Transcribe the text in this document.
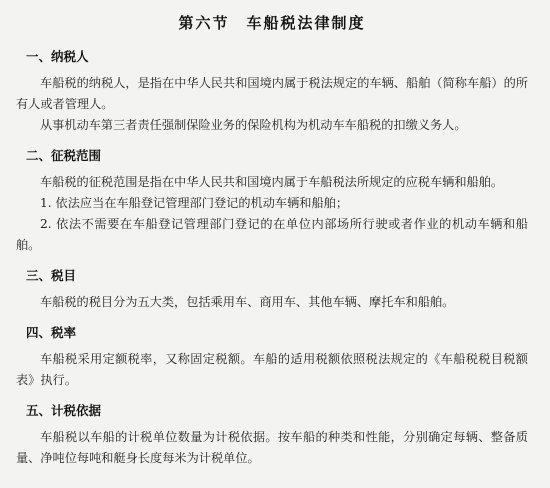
第六节　车船税法律制度
一、纳税人

车船税的纳税人，是指在中华人民共和国境内属于税法规定的车辆、船舶（简称车船）的所有人或者管理人。

从事机动车第三者责任强制保险业务的保险机构为机动车车船税的扣缴义务人。

二、征税范围

车船税的征税范围是指在中华人民共和国境内属于车船税法所规定的应税车辆和船舶。

1. 依法应当在车船登记管理部门登记的机动车辆和船舶；

2. 依法不需要在车船登记管理部门登记的在单位内部场所行驶或者作业的机动车辆和船舶。

三、税目

车船税的税目分为五大类，包括乘用车、商用车、其他车辆、摩托车和船舶。

四、税率

车船税采用定额税率，又称固定税额。车船的适用税额依照税法规定的《车船税税目税额表》执行。

五、计税依据

车船税以车船的计税单位数量为计税依据。按车船的种类和性能，分别确定每辆、整备质量、净吨位每吨和艇身长度每米为计税单位。
